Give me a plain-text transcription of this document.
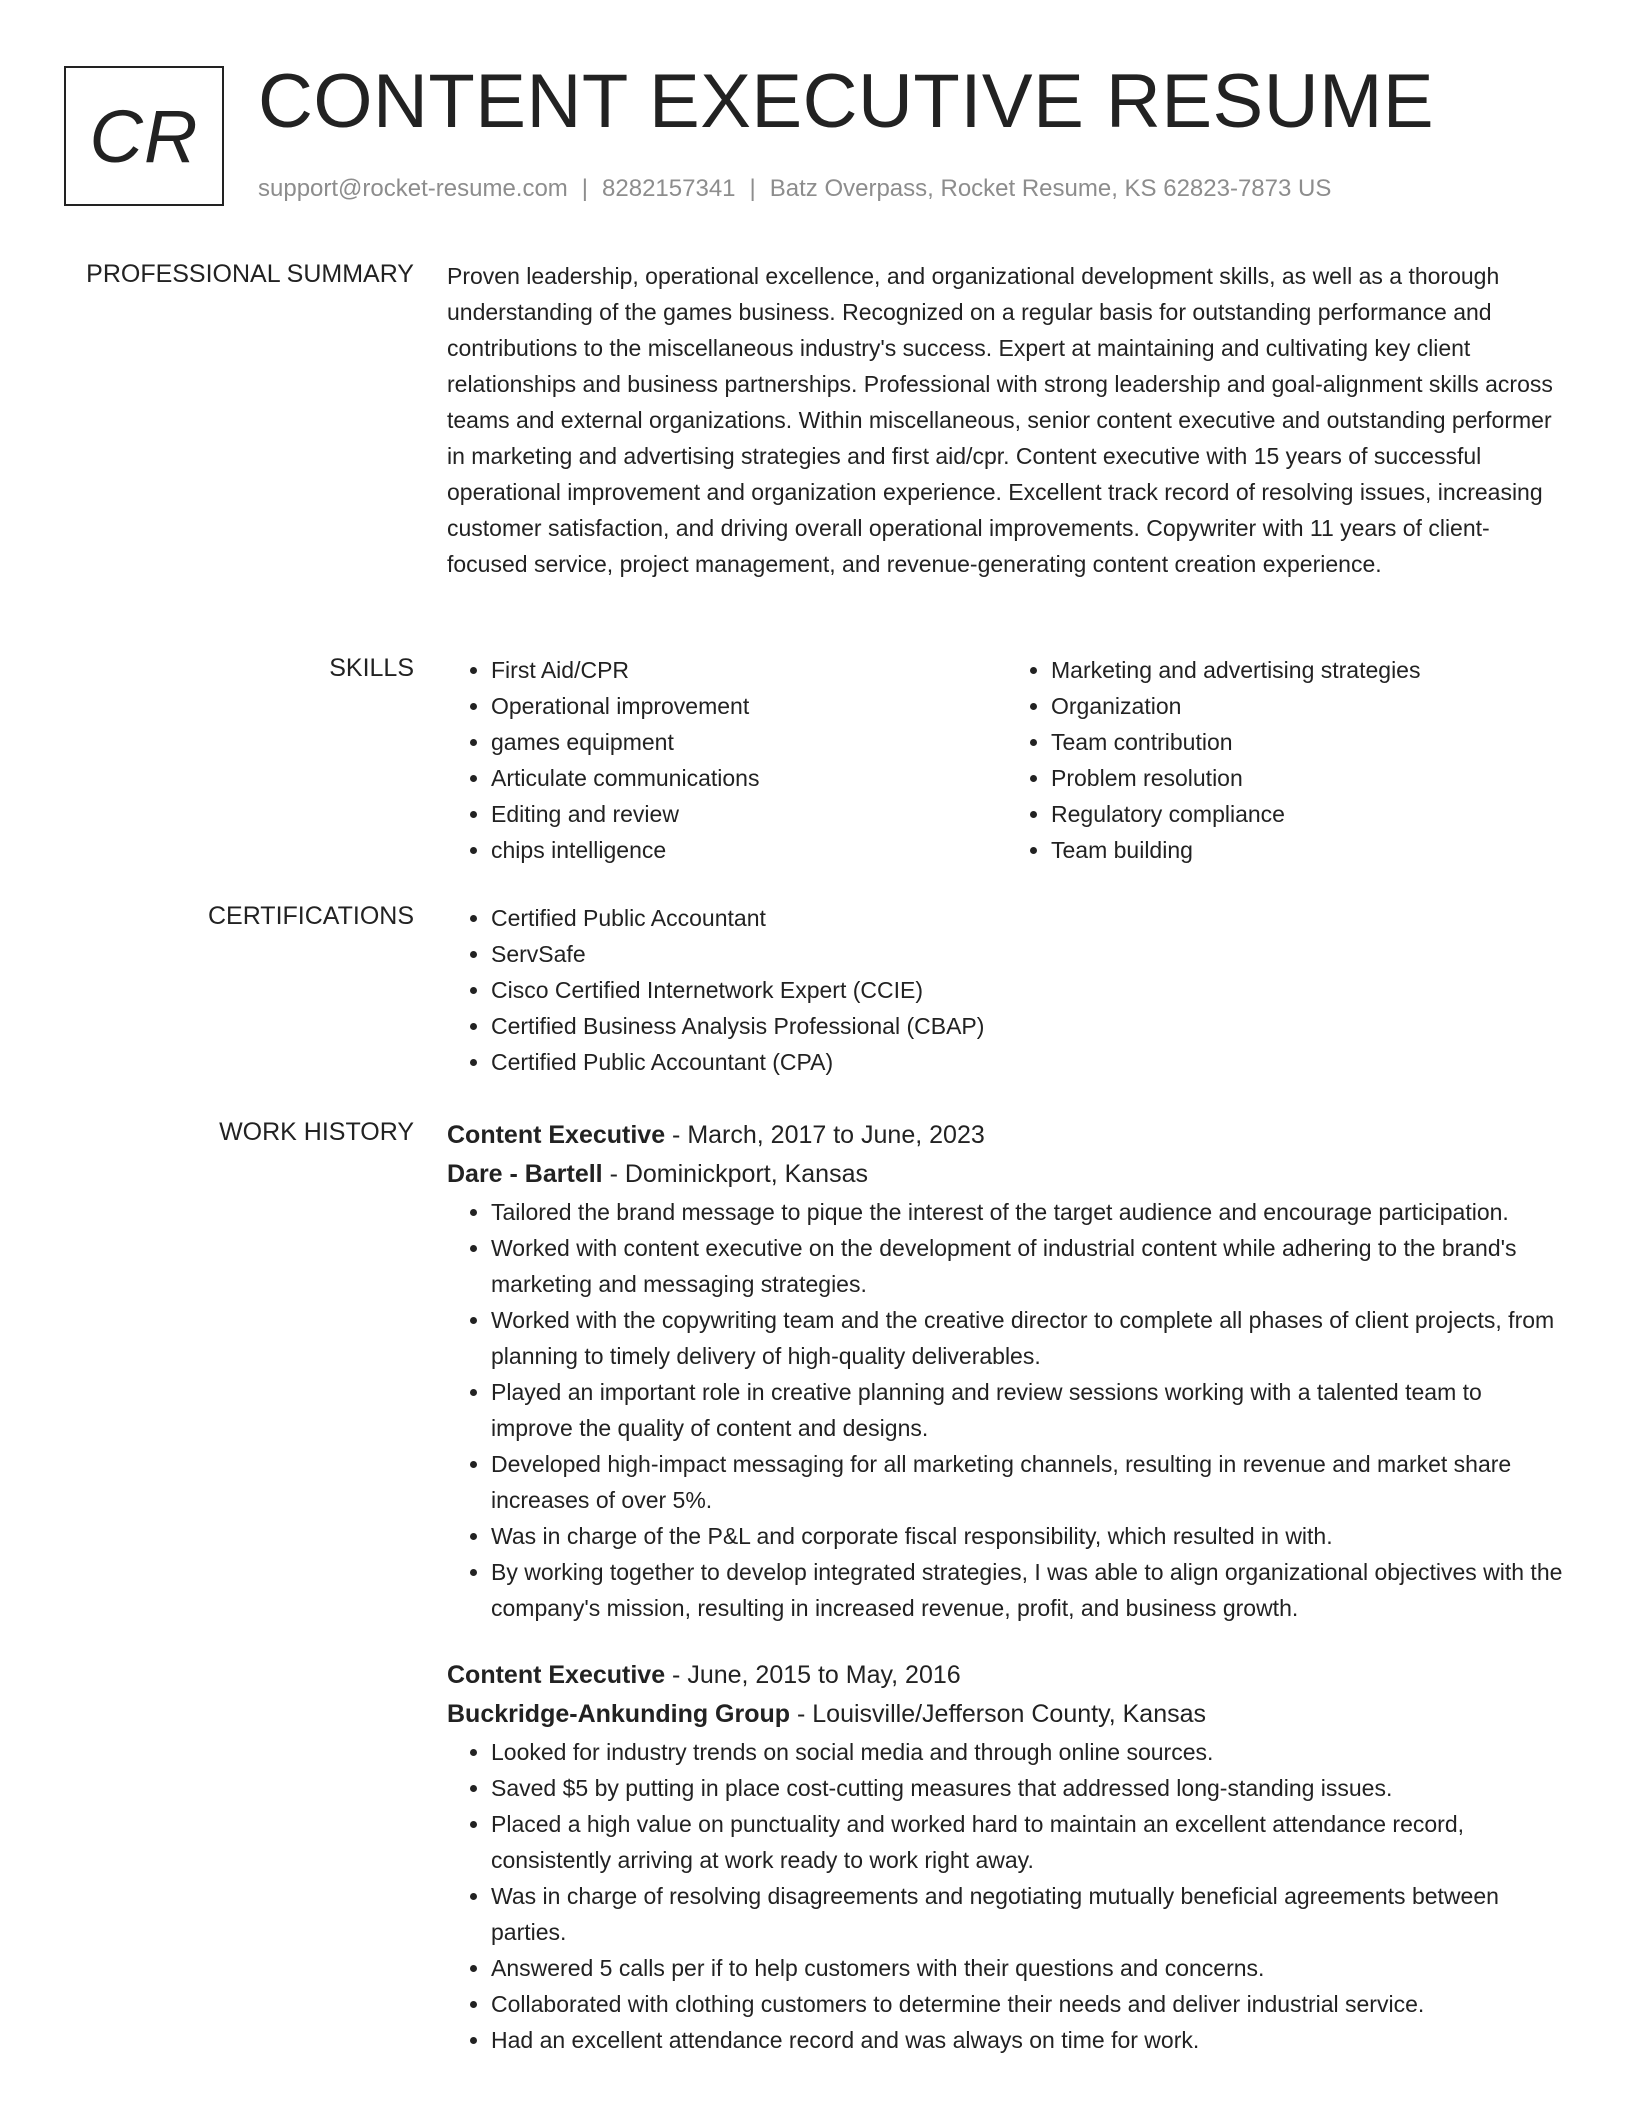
CR CONTENT EXECUTIVE RESUME
support@rocket-resume.com | 8282157341 | Batz Overpass, Rocket Resume, KS 62823-7873 US
PROFESSIONAL SUMMARY Proven leadership, operational excellence, and organizational development skills, as well as a thorough understanding of the games business. Recognized on a regular basis for outstanding performance and contributions to the miscellaneous industry's success. Expert at maintaining and cultivating key client relationships and business partnerships. Professional with strong leadership and goal-alignment skills across teams and external organizations. Within miscellaneous, senior content executive and outstanding performer in marketing and advertising strategies and first aid/cpr. Content executive with 15 years of successful operational improvement and organization experience. Excellent track record of resolving issues, increasing customer satisfaction, and driving overall operational improvements. Copywriter with 11 years of client-focused service, project management, and revenue-generating content creation experience.

SKILLS	• First Aid/CPR
• Operational improvement
• games equipment
• Articulate communications
• Editing and review
• chips intelligence
• Marketing and advertising strategies
• Organization
• Team contribution
• Problem resolution
• Regulatory compliance
• Team building
CERTIFICATIONS	• Certified Public Accountant
• ServSafe
• Cisco Certified Internetwork Expert (CCIE)
• Certified Business Analysis Professional (CBAP)
• Certified Public Accountant (CPA)
WORK HISTORY Content Executive - March, 2017 to June, 2023
Dare - Bartell - Dominickport, Kansas
• Tailored the brand message to pique the interest of the target audience and encourage participation.
• Worked with content executive on the development of industrial content while adhering to the brand's marketing and messaging strategies.
• Worked with the copywriting team and the creative director to complete all phases of client projects, from planning to timely delivery of high-quality deliverables.
• Played an important role in creative planning and review sessions working with a talented team to improve the quality of content and designs.
• Developed high-impact messaging for all marketing channels, resulting in revenue and market share increases of over 5%.
• Was in charge of the P&L and corporate fiscal responsibility, which resulted in with.
• By working together to develop integrated strategies, I was able to align organizational objectives with the company's mission, resulting in increased revenue, profit, and business growth.
Content Executive - June, 2015 to May, 2016
Buckridge-Ankunding Group - Louisville/Jefferson County, Kansas
• Looked for industry trends on social media and through online sources.
• Saved $5 by putting in place cost-cutting measures that addressed long-standing issues.
• Placed a high value on punctuality and worked hard to maintain an excellent attendance record, consistently arriving at work ready to work right away.
• Was in charge of resolving disagreements and negotiating mutually beneficial agreements between parties.
• Answered 5 calls per if to help customers with their questions and concerns.
• Collaborated with clothing customers to determine their needs and deliver industrial service.
• Had an excellent attendance record and was always on time for work.
